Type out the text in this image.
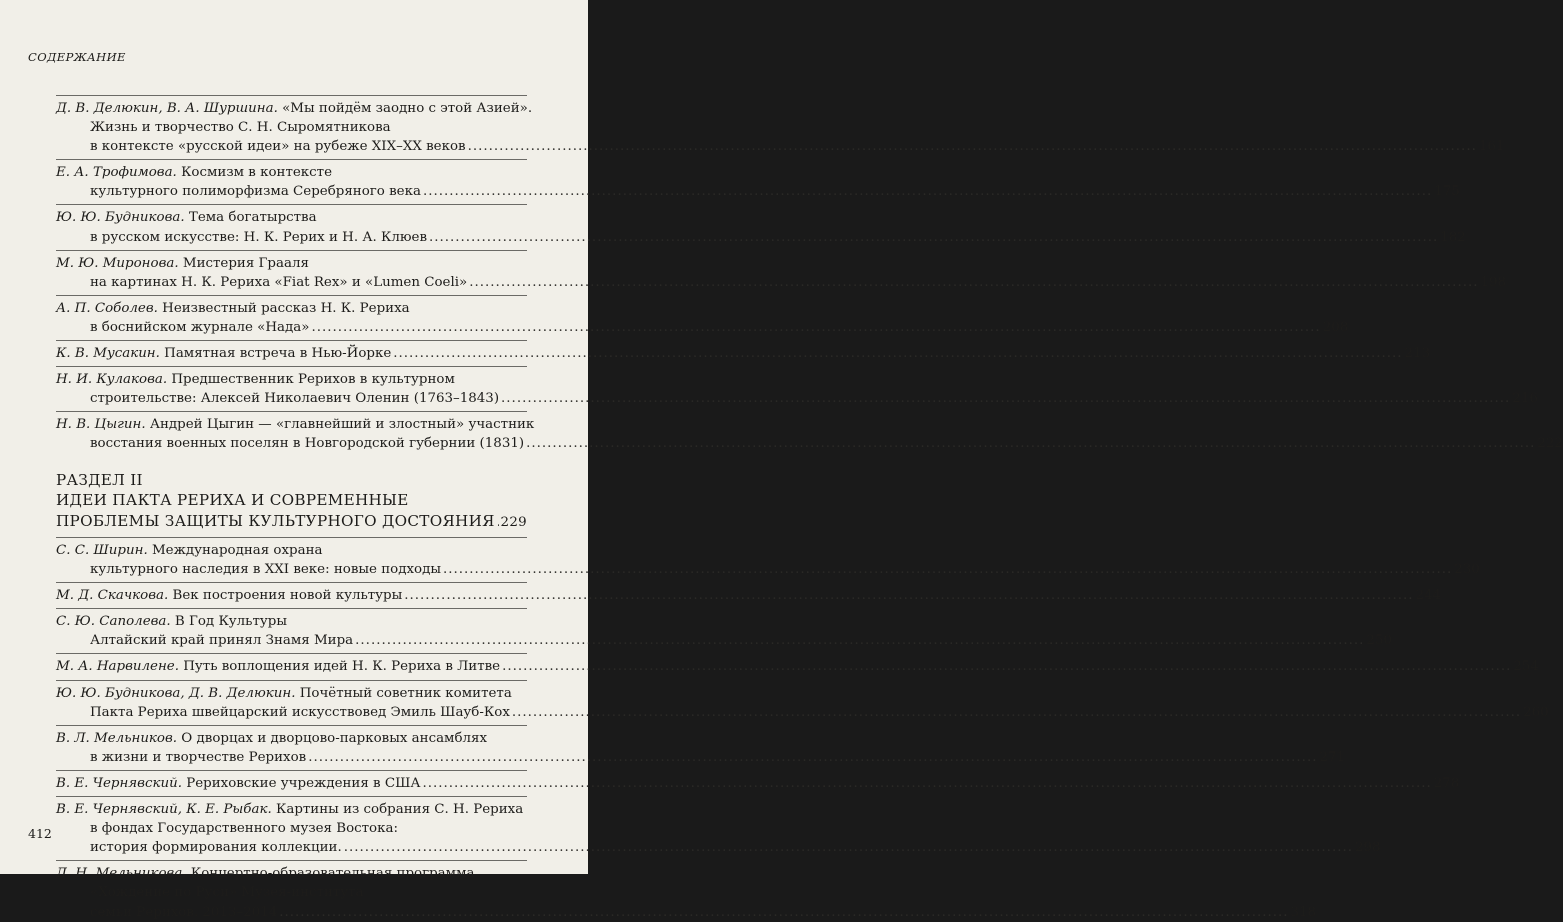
СОДЕРЖАНИЕ
Д. В. Делюкин, В. А. Шуршина. «Мы пойдём заодно с этой Азией».
Жизнь и творчество С. Н. Сыромятникова
в контексте «русской идеи» на рубеже XIX–XX веков .....	161
Е. А. Трофимова. Космизм в контексте
культурного полиморфизма Серебряного века .....	175
Ю. Ю. Будникова. Тема богатырства
в русском искусстве: Н. К. Рерих и Н. А. Клюев .....	182
М. Ю. Миронова. Мистерия Грааля
на картинах Н. К. Рериха «Fiat Rex» и «Lumen Coeli» .....	198
А. П. Соболев. Неизвестный рассказ Н. К. Рериха
в боснийском журнале «Нада» .....	208
К. В. Мусакин. Памятная встреча в Нью-Йорке .....	213
Н. И. Кулакова. Предшественник Рерихов в культурном
строительстве: Алексей Николаевич Оленин (1763–1843) .....	216
Н. В. Цыгин. Андрей Цыгин — «главнейший и злостный» участник
восстания военных поселян в Новгородской губернии (1831) .....	222
РАЗДЕЛ II
ИДЕИ ПАКТА РЕРИХА И СОВРЕМЕННЫЕ
ПРОБЛЕМЫ ЗАЩИТЫ КУЛЬТУРНОГО ДОСТОЯНИЯ ..... 229
С. С. Ширин. Международная охрана
культурного наследия в XXI веке: новые подходы .....	230
М. Д. Скачкова. Век построения новой культуры .....	244
С. Ю. Саполева. В Год Культуры
Алтайский край принял Знамя Мира .....	250
М. А. Нарвилене. Путь воплощения идей Н. К. Рериха в Литве .....	254
Ю. Ю. Будникова, Д. В. Делюкин. Почётный советник комитета
Пакта Рериха швейцарский искусствовед Эмиль Шауб-Кох .....	260
В. Л. Мельников. О дворцах и дворцово-парковых ансамблях
в жизни и творчестве Рерихов .....	271
В. Е. Чернявский. Рериховские учреждения в США .....	278
В. Е. Чернявский, К. Е. Рыбак. Картины из собрания С. Н. Рериха
в фондах Государственного музея Востока:
история формирования коллекции. .....	298
Д. Н. Мельникова. Концертно-образовательная программа
«Хождение по Руси» Музея-института
семьи Рерихов. 2013–2014 .....	318
412
